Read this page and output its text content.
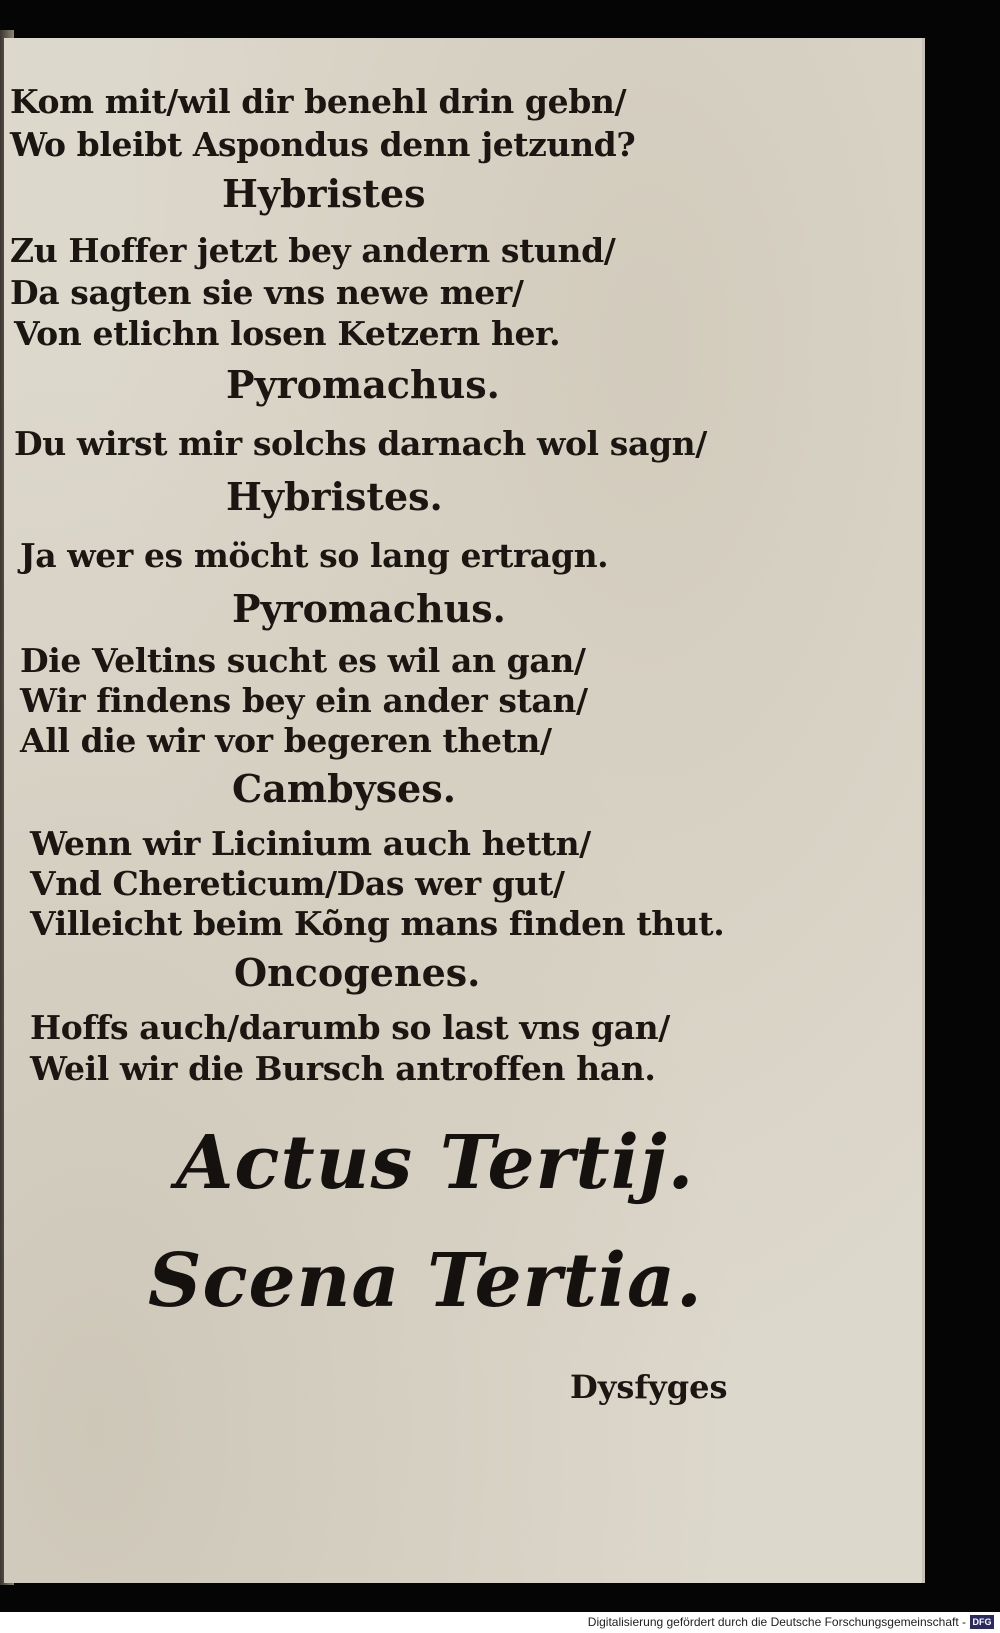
Kom mit/wil dir benehl drin gebn/
Wo bleibt Aspondus denn jetzund?
Hybristes
Zu Hoffer jetzt bey andern stund/
Da sagten sie vns newe mer/
Von etlichn losen Ketzern her.
Pyromachus.
Du wirst mir solchs darnach wol sagn/
Hybristes.
Ja wer es möcht so lang ertragn.
Pyromachus.
Die Veltins sucht es wil an gan/
Wir findens bey ein ander stan/
All die wir vor begeren thetn/
Cambyses.
Wenn wir Licinium auch hettn/
Vnd Chereticum/Das wer gut/
Villeicht beim Kõng mans finden thut.
Oncogenes.
Hoffs auch/darumb so last vns gan/
Weil wir die Bursch antroffen han.
Actus Tertij.
Scena Tertia.
Dysfyges
Digitalisierung gefördert durch die Deutsche Forschungsgemeinschaft - DFG
